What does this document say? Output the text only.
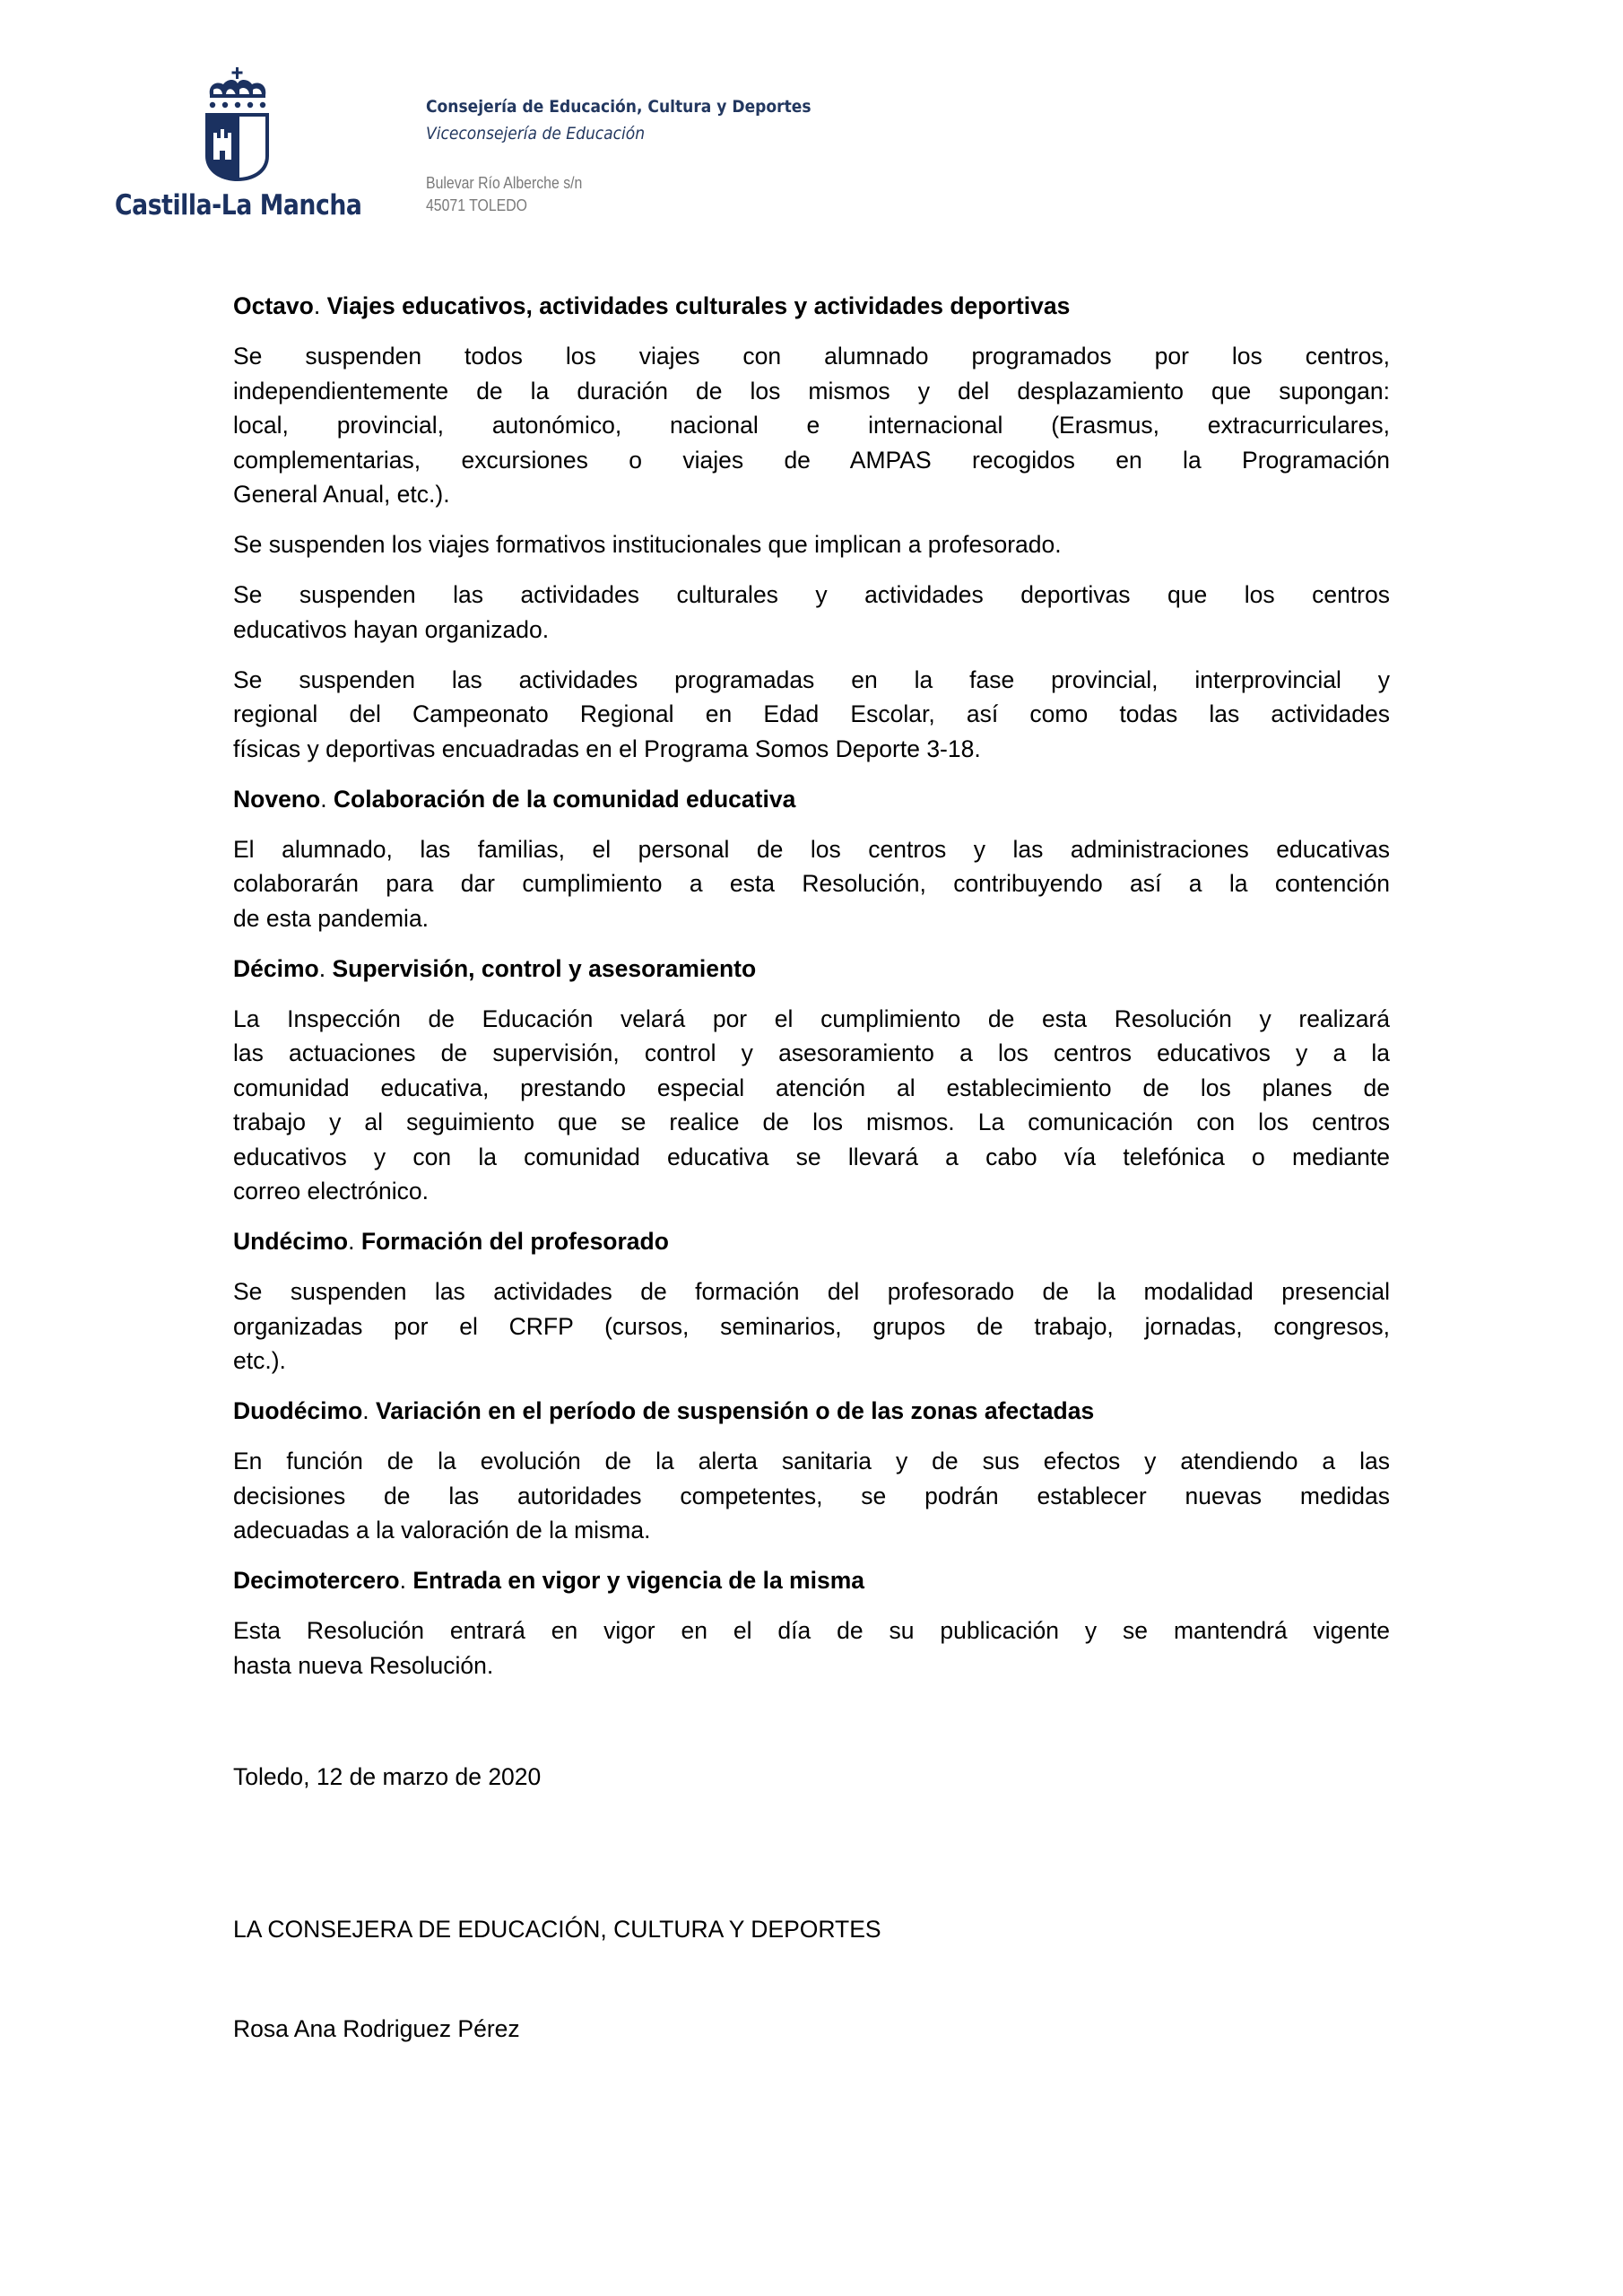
Castilla-La Mancha
Consejería de Educación, Cultura y Deportes
Viceconsejería de Educación
Bulevar Río Alberche s/n
45071 TOLEDO
Octavo. Viajes educativos, actividades culturales y actividades deportivas
Se suspenden todos los viajes con alumnado programados por los centros,
independientemente de la duración de los mismos y del desplazamiento que supongan:
local, provincial, autonómico, nacional e internacional (Erasmus, extracurriculares,
complementarias, excursiones o viajes de AMPAS recogidos en la Programación
General Anual, etc.).
Se suspenden los viajes formativos institucionales que implican a profesorado.
Se suspenden las actividades culturales y actividades deportivas que los centros
educativos hayan organizado.
Se suspenden las actividades programadas en la fase provincial, interprovincial y
regional del Campeonato Regional en Edad Escolar, así como todas las actividades
físicas y deportivas encuadradas en el Programa Somos Deporte 3-18.
Noveno. Colaboración de la comunidad educativa
El alumnado, las familias, el personal de los centros y las administraciones educativas
colaborarán para dar cumplimiento a esta Resolución, contribuyendo así a la contención
de esta pandemia.
Décimo. Supervisión, control y asesoramiento
La Inspección de Educación velará por el cumplimiento de esta Resolución y realizará
las actuaciones de supervisión, control y asesoramiento a los centros educativos y a la
comunidad educativa, prestando especial atención al establecimiento de los planes de
trabajo y al seguimiento que se realice de los mismos. La comunicación con los centros
educativos y con la comunidad educativa se llevará a cabo vía telefónica o mediante
correo electrónico.
Undécimo. Formación del profesorado
Se suspenden las actividades de formación del profesorado de la modalidad presencial
organizadas por el CRFP (cursos, seminarios, grupos de trabajo, jornadas, congresos,
etc.).
Duodécimo. Variación en el período de suspensión o de las zonas afectadas
En función de la evolución de la alerta sanitaria y de sus efectos y atendiendo a las
decisiones de las autoridades competentes, se podrán establecer nuevas medidas
adecuadas a la valoración de la misma.
Decimotercero. Entrada en vigor y vigencia de la misma
Esta Resolución entrará en vigor en el día de su publicación y se mantendrá vigente
hasta nueva Resolución.
Toledo, 12 de marzo de 2020
LA CONSEJERA DE EDUCACIÓN, CULTURA Y DEPORTES
Rosa Ana Rodriguez Pérez
